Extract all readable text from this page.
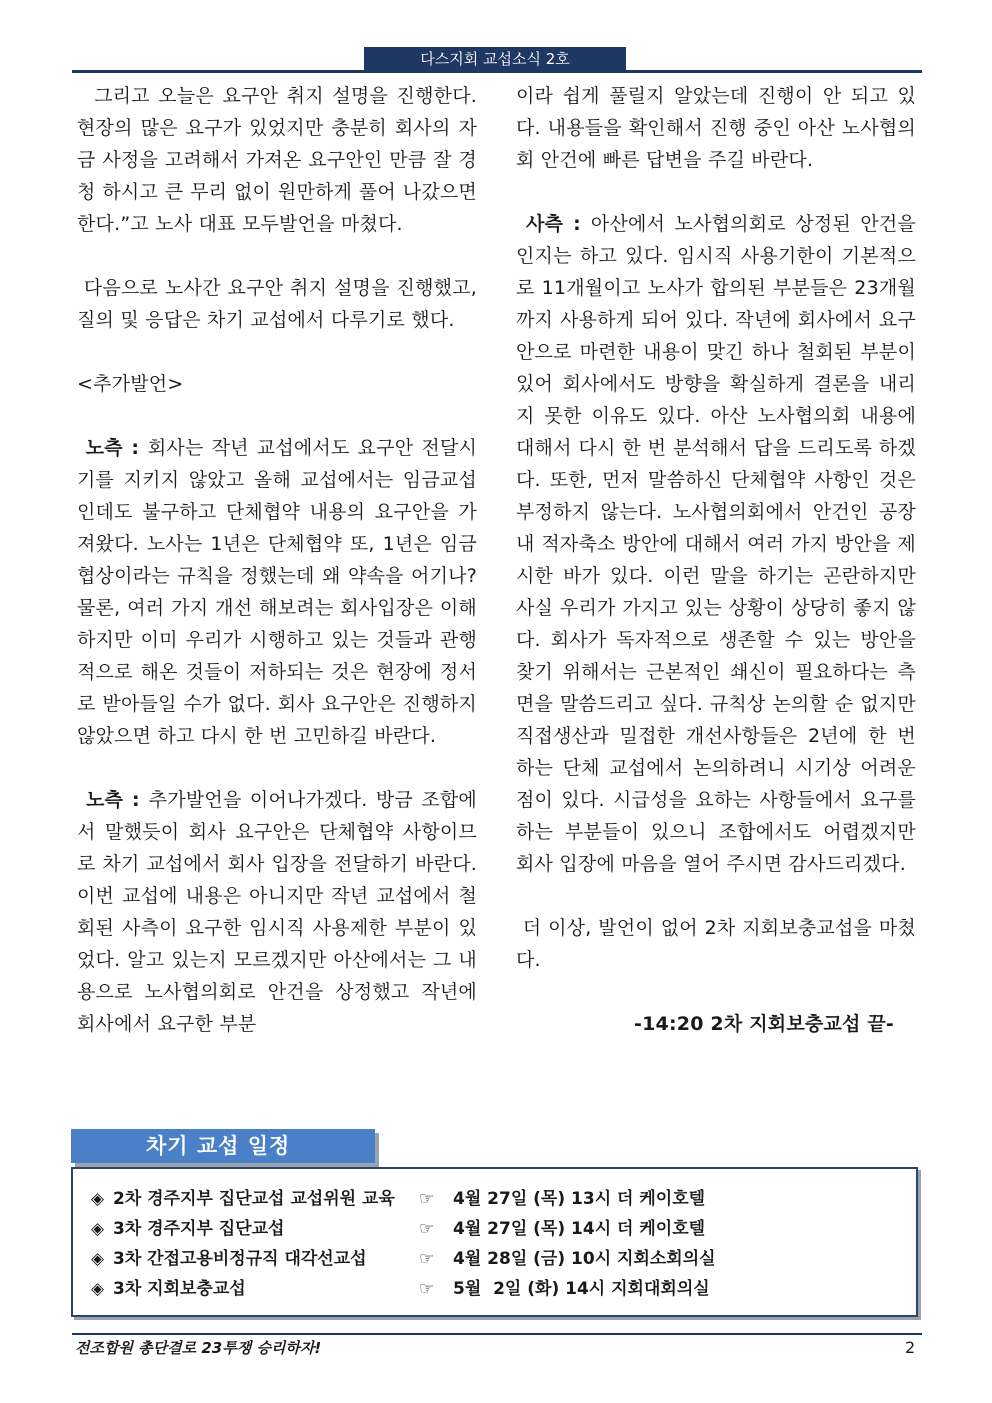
다스지회 교섭소식 2호

그리고 오늘은 요구안 취지 설명을 진행한다. 현장의 많은 요구가 있었지만 충분히 회사의 자금 사정을 고려해서 가져온 요구안인 만큼 잘 경청 하시고 큰 무리 없이 원만하게 풀어 나갔으면 한다.”고 노사 대표 모두발언을 마쳤다.

다음으로 노사간 요구안 취지 설명을 진행했고, 질의 및 응답은 차기 교섭에서 다루기로 했다.

<추가발언>

노측 : 회사는 작년 교섭에서도 요구안 전달시기를 지키지 않았고 올해 교섭에서는 임금교섭인데도 불구하고 단체협약 내용의 요구안을 가져왔다. 노사는 1년은 단체협약 또, 1년은 임금협상이라는 규칙을 정했는데 왜 약속을 어기나? 물론, 여러 가지 개선 해보려는 회사입장은 이해하지만 이미 우리가 시행하고 있는 것들과 관행적으로 해온 것들이 저하되는 것은 현장에 정서로 받아들일 수가 없다. 회사 요구안은 진행하지 않았으면 하고 다시 한 번 고민하길 바란다.

노측 : 추가발언을 이어나가겠다. 방금 조합에서 말했듯이 회사 요구안은 단체협약 사항이므로 차기 교섭에서 회사 입장을 전달하기 바란다. 이번 교섭에 내용은 아니지만 작년 교섭에서 철회된 사측이 요구한 임시직 사용제한 부분이 있었다. 알고 있는지 모르겠지만 아산에서는 그 내용으로 노사협의회로 안건을 상정했고 작년에 회사에서 요구한 부분

이라 쉽게 풀릴지 알았는데 진행이 안 되고 있다. 내용들을 확인해서 진행 중인 아산 노사협의회 안건에 빠른 답변을 주길 바란다.

사측 : 아산에서 노사협의회로 상정된 안건을 인지는 하고 있다. 임시직 사용기한이 기본적으로 11개월이고 노사가 합의된 부분들은 23개월까지 사용하게 되어 있다. 작년에 회사에서 요구안으로 마련한 내용이 맞긴 하나 철회된 부분이 있어 회사에서도 방향을 확실하게 결론을 내리지 못한 이유도 있다. 아산 노사협의회 내용에 대해서 다시 한 번 분석해서 답을 드리도록 하겠다. 또한, 먼저 말씀하신 단체협약 사항인 것은 부정하지 않는다. 노사협의회에서 안건인 공장 내 적자축소 방안에 대해서 여러 가지 방안을 제시한 바가 있다. 이런 말을 하기는 곤란하지만 사실 우리가 가지고 있는 상황이 상당히 좋지 않다. 회사가 독자적으로 생존할 수 있는 방안을 찾기 위해서는 근본적인 쇄신이 필요하다는 측면을 말씀드리고 싶다. 규칙상 논의할 순 없지만 직접생산과 밀접한 개선사항들은 2년에 한 번 하는 단체 교섭에서 논의하려니 시기상 어려운 점이 있다. 시급성을 요하는 사항들에서 요구를 하는 부분들이 있으니 조합에서도 어렵겠지만 회사 입장에 마음을 열어 주시면 감사드리겠다.

더 이상, 발언이 없어 2차 지회보충교섭을 마쳤다.

-14:20 2차 지회보충교섭 끝-

차기 교섭 일정
◈ 2차 경주지부 집단교섭 교섭위원 교육 ☞ 4월 27일 (목) 13시 더 케이호텔
◈ 3차 경주지부 집단교섭	☞ 4월 27일 (목) 14시 더 케이호텔
◈ 3차 간접고용비정규직 대각선교섭	☞ 4월 28일 (금) 10시 지회소회의실
◈ 3차 지회보충교섭	☞ 5월  2일 (화) 14시 지회대회의실
전조합원 총단결로 23투쟁 승리하자!	2
